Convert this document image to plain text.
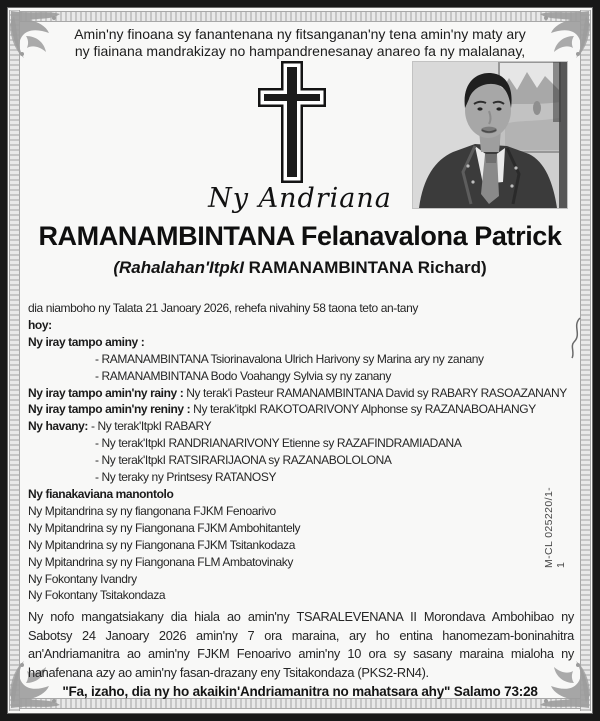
Amin'ny finoana sy fanantenana ny fitsanganan'ny tena amin'ny maty ary
ny fiainana mandrakizay no hampandrenesanay anareo fa ny malalanay,
Ny Andriana
RAMANAMBINTANA Felanavalona Patrick
(Rahalahan'ItpkI RAMANAMBINTANA Richard)
dia niamboho ny Talata 21 Janoary 2026, rehefa nivahiny 58 taona teto an-tany
hoy:
Ny iray tampo aminy :
- RAMANAMBINTANA Tsiorinavalona Ulrich Harivony sy Marina ary ny zanany
- RAMANAMBINTANA Bodo Voahangy Sylvia sy ny zanany
Ny iray tampo amin'ny rainy : Ny terak'i Pasteur RAMANAMBINTANA David sy RABARY RASOAZANANY
Ny iray tampo amin'ny reniny : Ny terak'itpkI RAKOTOARIVONY Alphonse sy RAZANABOAHANGY
Ny havany: - Ny terak'ItpkI RABARY
- Ny terak'ItpkI RANDRIANARIVONY Etienne sy RAZAFINDRAMIADANA
- Ny terak'ItpkI RATSIRARIJAONA sy RAZANABOLOLONA
- Ny teraky ny Printsesy RATANOSY
Ny fianakaviana manontolo
Ny Mpitandrina sy ny fiangonana FJKM Fenoarivo
Ny Mpitandrina sy ny Fiangonana FJKM Ambohitantely
Ny Mpitandrina sy ny Fiangonana FJKM Tsitankodaza
Ny Mpitandrina sy ny Fiangonana FLM Ambatovinaky
Ny Fokontany Ivandry
Ny Fokontany Tsitakondaza
Ny nofo mangatsiakany dia hiala ao amin'ny TSARALEVENANA II Morondava Ambohibao ny Sabotsy 24 Janoary 2026 amin'ny 7 ora maraina, ary ho entina hanomezam-boninahitra an'Andriamanitra ao amin'ny FJKM Fenoarivo amin'ny 10 ora sy sasany maraina mialoha ny hanafenana azy ao amin'ny fasan-drazany eny Tsitakondaza (PKS2-RN4).
"Fa, izaho, dia ny ho akaikin'Andriamanitra no mahatsara ahy" Salamo 73:28
M-CL 025220/1-1
